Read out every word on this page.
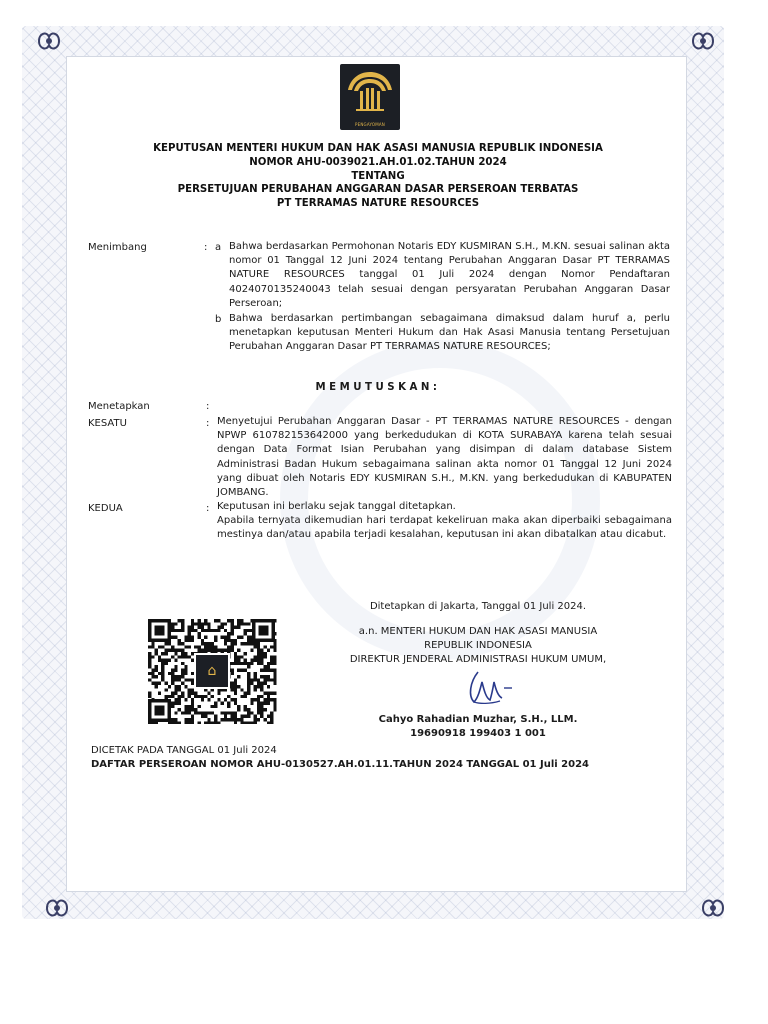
PENGAYOMAN
KEPUTUSAN MENTERI HUKUM DAN HAK ASASI MANUSIA REPUBLIK INDONESIA
NOMOR AHU-0039021.AH.01.02.TAHUN 2024
TENTANG
PERSETUJUAN PERUBAHAN ANGGARAN DASAR PERSEROAN TERBATAS
PT TERRAMAS NATURE RESOURCES
Menimbang	: a Bahwa berdasarkan Permohonan Notaris EDY KUSMIRAN S.H., M.KN. sesuai salinan akta nomor 01 Tanggal 12 Juni 2024 tentang Perubahan Anggaran Dasar PT TERRAMAS NATURE RESOURCES tanggal 01 Juli 2024 dengan Nomor Pendaftaran 4024070135240043 telah sesuai dengan persyaratan Perubahan Anggaran Dasar Perseroan;
b Bahwa berdasarkan pertimbangan sebagaimana dimaksud dalam huruf a, perlu menetapkan keputusan Menteri Hukum dan Hak Asasi Manusia tentang Persetujuan Perubahan Anggaran Dasar PT TERRAMAS NATURE RESOURCES;
MEMUTUSKAN:
Menetapkan	:
KESATU	: Menyetujui Perubahan Anggaran Dasar - PT TERRAMAS NATURE RESOURCES - dengan NPWP 610782153642000 yang berkedudukan di KOTA SURABAYA karena telah sesuai dengan Data Format Isian Perubahan yang disimpan di dalam database Sistem Administrasi Badan Hukum sebagaimana salinan akta nomor 01 Tanggal 12 Juni 2024 yang dibuat oleh Notaris EDY KUSMIRAN S.H., M.KN. yang berkedudukan di KABUPATEN JOMBANG.
KEDUA	: Keputusan ini berlaku sejak tanggal ditetapkan.
Apabila ternyata dikemudian hari terdapat kekeliruan maka akan diperbaiki sebagaimana mestinya dan/atau apabila terjadi kesalahan, keputusan ini akan dibatalkan atau dicabut.
Ditetapkan di Jakarta, Tanggal 01 Juli 2024.
a.n. MENTERI HUKUM DAN HAK ASASI MANUSIA
REPUBLIK INDONESIA
DIREKTUR JENDERAL ADMINISTRASI HUKUM UMUM,
Cahyo Rahadian Muzhar, S.H., LLM.
19690918 199403 1 001
⌂
DICETAK PADA TANGGAL 01 Juli 2024
DAFTAR PERSEROAN NOMOR AHU-0130527.AH.01.11.TAHUN 2024 TANGGAL 01 Juli 2024
